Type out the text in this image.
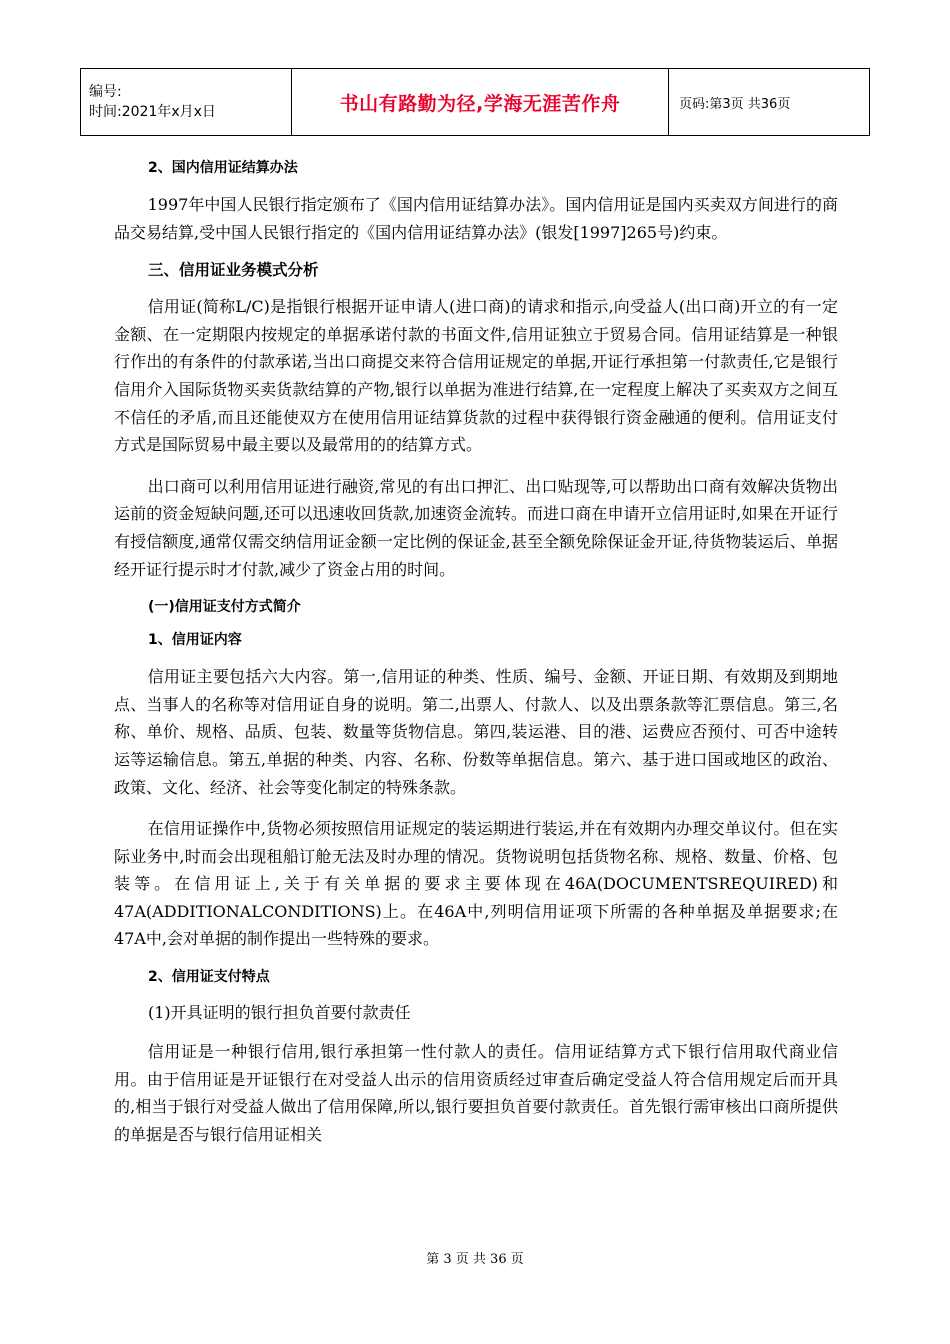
编号:
时间:2021年x月x日	书山有路勤为径,学海无涯苦作舟	页码:第3页 共36页
2、国内信用证结算办法

1997年中国人民银行指定颁布了《国内信用证结算办法》。国内信用证是国内买卖双方间进行的商品交易结算,受中国人民银行指定的《国内信用证结算办法》(银发[1997]265号)约束。

三、信用证业务模式分析

信用证(简称L/C)是指银行根据开证申请人(进口商)的请求和指示,向受益人(出口商)开立的有一定金额、在一定期限内按规定的单据承诺付款的书面文件,信用证独立于贸易合同。信用证结算是一种银行作出的有条件的付款承诺,当出口商提交来符合信用证规定的单据,开证行承担第一付款责任,它是银行信用介入国际货物买卖货款结算的产物,银行以单据为准进行结算,在一定程度上解决了买卖双方之间互不信任的矛盾,而且还能使双方在使用信用证结算货款的过程中获得银行资金融通的便利。信用证支付方式是国际贸易中最主要以及最常用的的结算方式。

出口商可以利用信用证进行融资,常见的有出口押汇、出口贴现等,可以帮助出口商有效解决货物出运前的资金短缺问题,还可以迅速收回货款,加速资金流转。而进口商在申请开立信用证时,如果在开证行有授信额度,通常仅需交纳信用证金额一定比例的保证金,甚至全额免除保证金开证,待货物装运后、单据经开证行提示时才付款,减少了资金占用的时间。

(一)信用证支付方式简介
1、信用证内容

信用证主要包括六大内容。第一,信用证的种类、性质、编号、金额、开证日期、有效期及到期地点、当事人的名称等对信用证自身的说明。第二,出票人、付款人、以及出票条款等汇票信息。第三,名称、单价、规格、品质、包装、数量等货物信息。第四,装运港、目的港、运费应否预付、可否中途转运等运输信息。第五,单据的种类、内容、名称、份数等单据信息。第六、基于进口国或地区的政治、政策、文化、经济、社会等变化制定的特殊条款。

在信用证操作中,货物必须按照信用证规定的装运期进行装运,并在有效期内办理交单议付。但在实际业务中,时而会出现租船订舱无法及时办理的情况。货物说明包括货物名称、规格、数量、价格、包装等。在信用证上,关于有关单据的要求主要体现在46A(DOCUMENTSREQUIRED)和47A(ADDITIONALCONDITIONS)上。在46A中,列明信用证项下所需的各种单据及单据要求;在47A中,会对单据的制作提出一些特殊的要求。

2、信用证支付特点
(1)开具证明的银行担负首要付款责任

信用证是一种银行信用,银行承担第一性付款人的责任。信用证结算方式下银行信用取代商业信用。由于信用证是开证银行在对受益人出示的信用资质经过审查后确定受益人符合信用规定后而开具的,相当于银行对受益人做出了信用保障,所以,银行要担负首要付款责任。首先银行需审核出口商所提供的单据是否与银行信用证相关

第 3 页 共 36 页
